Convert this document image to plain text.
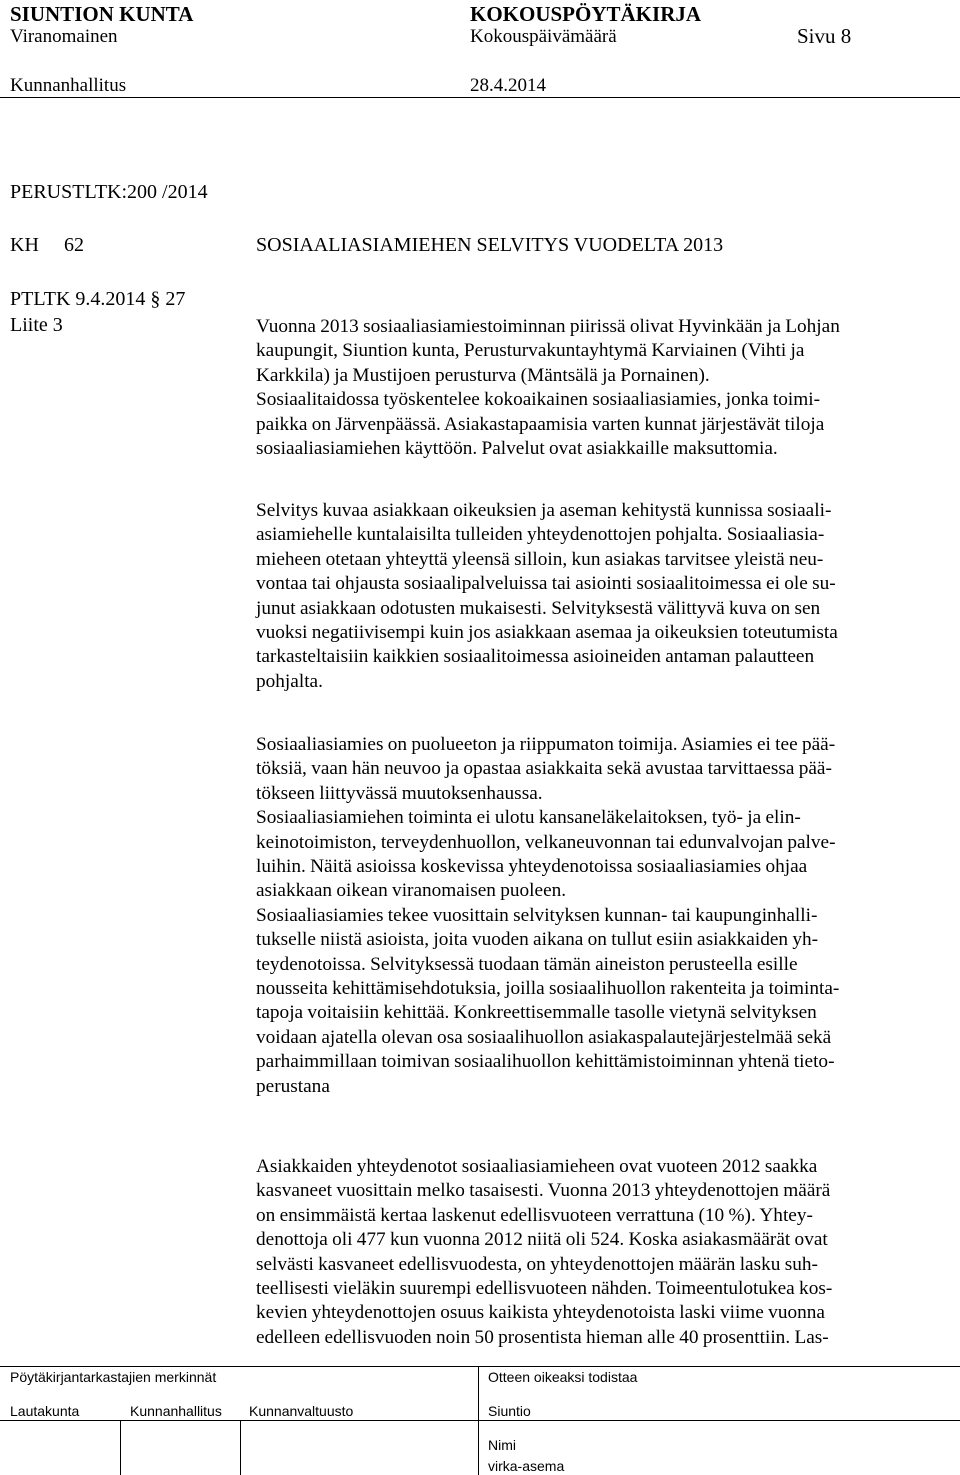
SIUNTION KUNTA	KOKOUSPÖYTÄKIRJA
Viranomainen	Kokouspäivämäärä	Sivu 8
Kunnanhallitus	28.4.2014
PERUSTLTK:200 /2014
KH 62	SOSIAALIASIAMIEHEN SELVITYS VUODELTA 2013
PTLTK 9.4.2014 § 27
Liite 3	Vuonna 2013 sosiaaliasiamiestoiminnan piirissä olivat Hyvinkään ja Lohjan
kaupungit, Siuntion kunta, Perusturvakuntayhtymä Karviainen (Vihti ja
Karkkila) ja Mustijoen perusturva (Mäntsälä ja Pornainen).
Sosiaalitaidossa työskentelee kokoaikainen sosiaaliasiamies, jonka toimi-
paikka on Järvenpäässä. Asiakastapaamisia varten kunnat järjestävät tiloja
sosiaaliasiamiehen käyttöön. Palvelut ovat asiakkaille maksuttomia.

Selvitys kuvaa asiakkaan oikeuksien ja aseman kehitystä kunnissa sosiaali-
asiamiehelle kuntalaisilta tulleiden yhteydenottojen pohjalta. Sosiaaliasia-
mieheen otetaan yhteyttä yleensä silloin, kun asiakas tarvitsee yleistä neu-
vontaa tai ohjausta sosiaalipalveluissa tai asiointi sosiaalitoimessa ei ole su-
junut asiakkaan odotusten mukaisesti. Selvityksestä välittyvä kuva on sen
vuoksi negatiivisempi kuin jos asiakkaan asemaa ja oikeuksien toteutumista
tarkasteltaisiin kaikkien sosiaalitoimessa asioineiden antaman palautteen
pohjalta.

Sosiaaliasiamies on puolueeton ja riippumaton toimija. Asiamies ei tee pää-
töksiä, vaan hän neuvoo ja opastaa asiakkaita sekä avustaa tarvittaessa pää-
tökseen liittyvässä muutoksenhaussa.
Sosiaaliasiamiehen toiminta ei ulotu kansaneläkelaitoksen, työ- ja elin-
keinotoimiston, terveydenhuollon, velkaneuvonnan tai edunvalvojan palve-
luihin. Näitä asioissa koskevissa yhteydenotoissa sosiaaliasiamies ohjaa
asiakkaan oikean viranomaisen puoleen.
Sosiaaliasiamies tekee vuosittain selvityksen kunnan- tai kaupunginhalli-
tukselle niistä asioista, joita vuoden aikana on tullut esiin asiakkaiden yh-
teydenotoissa. Selvityksessä tuodaan tämän aineiston perusteella esille
nousseita kehittämisehdotuksia, joilla sosiaalihuollon rakenteita ja toiminta-
tapoja voitaisiin kehittää. Konkreettisemmalle tasolle vietynä selvityksen
voidaan ajatella olevan osa sosiaalihuollon asiakaspalautejärjestelmää sekä
parhaimmillaan toimivan sosiaalihuollon kehittämistoiminnan yhtenä tieto-
perustana

Asiakkaiden yhteydenotot sosiaaliasiamieheen ovat vuoteen 2012 saakka
kasvaneet vuosittain melko tasaisesti. Vuonna 2013 yhteydenottojen määrä
on ensimmäistä kertaa laskenut edellisvuoteen verrattuna (10 %). Yhtey-
denottoja oli 477 kun vuonna 2012 niitä oli 524. Koska asiakasmäärät ovat
selvästi kasvaneet edellisvuodesta, on yhteydenottojen määrän lasku suh-
teellisesti vieläkin suurempi edellisvuoteen nähden. Toimeentulotukea kos-
kevien yhteydenottojen osuus kaikista yhteydenotoista laski viime vuonna
edelleen edellisvuoden noin 50 prosentista hieman alle 40 prosenttiin. Las-

Pöytäkirjantarkastajien merkinnät
Lautakunta	Kunnanhallitus Kunnanvaltuusto
Otteen oikeaksi todistaa
Siuntio
Nimi
virka-asema
